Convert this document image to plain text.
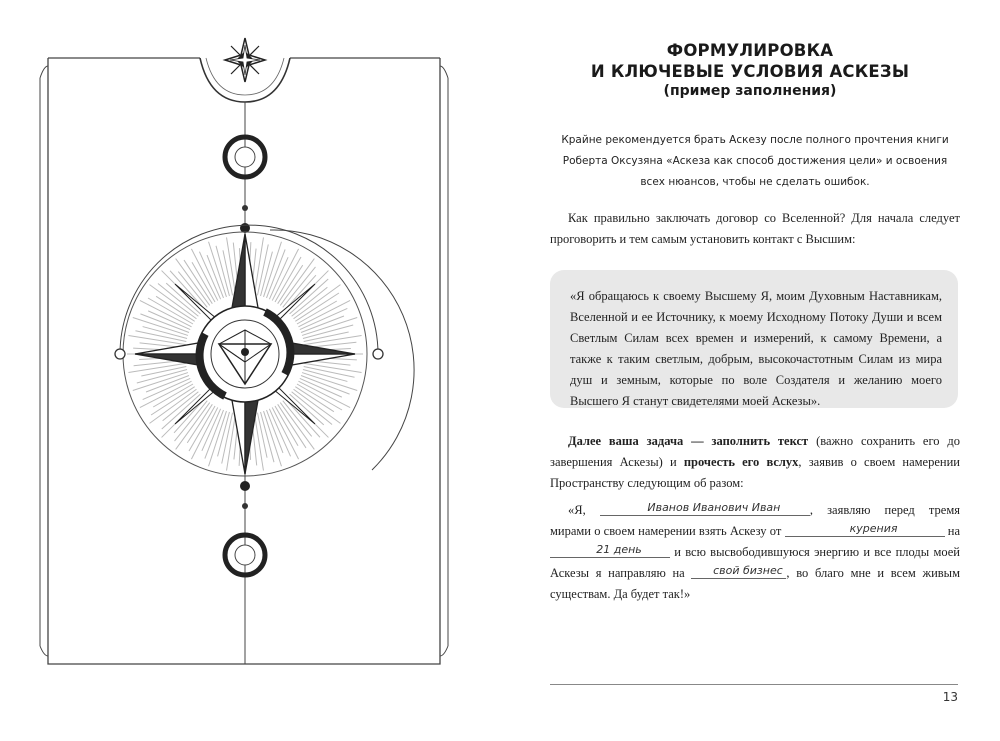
ФОРМУЛИРОВКА
И КЛЮЧЕВЫЕ УСЛОВИЯ АСКЕЗЫ
(пример заполнения)
Крайне рекомендуется брать Аскезу после полного прочтения книги
Роберта Оксузяна «Аскеза как способ достижения цели» и освоения
всех нюансов, чтобы не сделать ошибок.
Как правильно заключать договор со Вселенной? Для начала следует проговорить и тем самым установить контакт с Высшим:
«Я обращаюсь к своему Высшему Я, моим Духовным Наставникам, Вселенной и ее Источнику, к моему Исходному Потоку Души и всем Светлым Силам всех времен и измерений, к самому Времени, а также к таким светлым, добрым, высокочастотным Силам из мира душ и земным, которые по воле Создателя и желанию моего Высшего Я станут свидетелями моей Аскезы».
Далее ваша задача — заполнить текст (важно сохранить его до завершения Аскезы) и прочесть его вслух, заявив о своем намерении Пространству следующим об разом:
«Я,	Иванов Иванович Иван , заявляю перед тремя мирами о своем намерении взять Аскезу от	курения	на 21 день и всю высвободившуюся энергию и все плоды моей Аскезы я направляю на свой бизнес , во благо мне и всем живым существам. Да будет так!»
13
